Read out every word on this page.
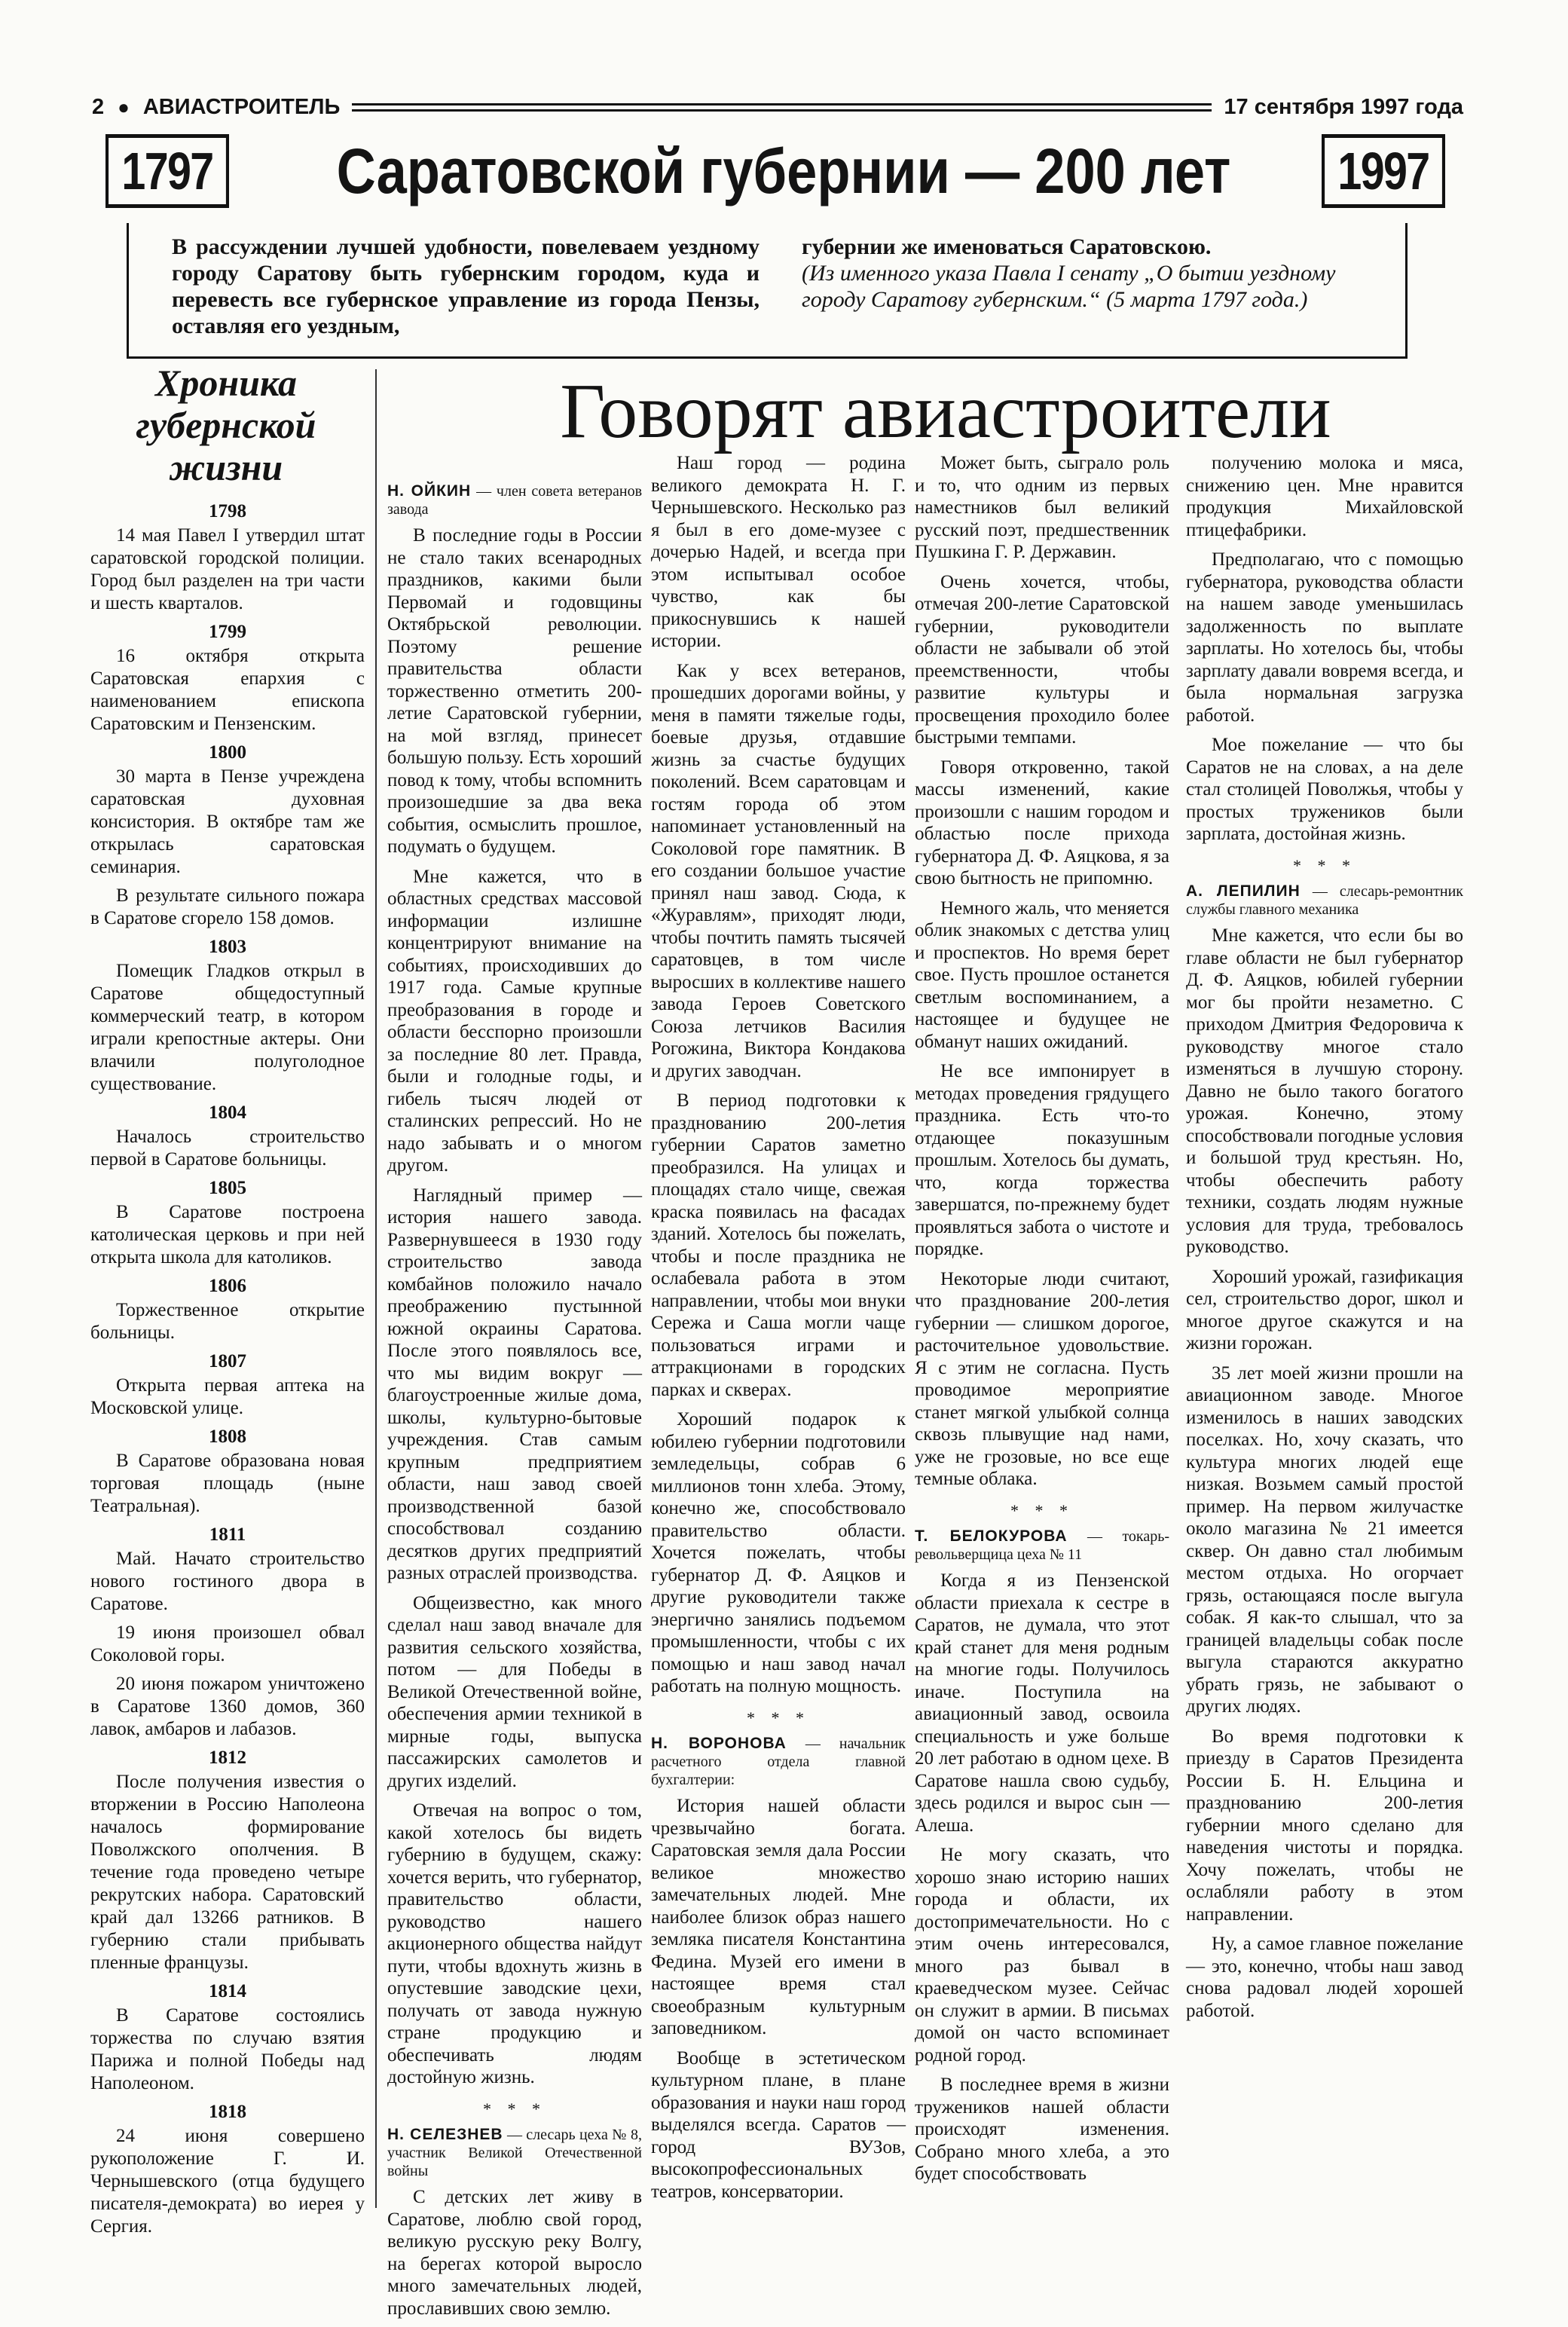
2 ● АВИАСТРОИТЕЛЬ	17 сентября 1997 года
1797 Саратовской губернии — 200 лет 1997
В рассуждении лучшей удобности, повелеваем уездному городу Саратову быть губернским городом, куда и перевесть все губернское управление из города Пензы, оставляя его уездным,
губернии же именоваться Саратовскою.
(Из именного указа Павла I сенату „О бытии уездному городу Саратову губернским.“ (5 марта 1797 года.)
Хроника губернской жизни
1798

14 мая Павел I утвердил штат саратовской городской полиции. Город был разделен на три части и шесть кварталов.

1799

16 октября открыта Саратовская епархия с наименованием епископа Саратовским и Пензенским.

1800

30 марта в Пензе учреждена саратовская духовная консистория. В октябре там же открылась саратовская семинария.

В результате сильного пожара в Саратове сгорело 158 домов.

1803

Помещик Гладков открыл в Саратове общедоступный коммерческий театр, в котором играли крепостные актеры. Они влачили полуголодное существование.

1804

Началось строительство первой в Саратове больницы.

1805

В Саратове построена католическая церковь и при ней открыта школа для католиков.

1806

Торжественное открытие больницы.

1807

Открыта первая аптека на Московской улице.

1808

В Саратове образована новая торговая площадь (ныне Театральная).

1811

Май. Начато строительство нового гостиного двора в Саратове.

19 июня произошел обвал Соколовой горы.

20 июня пожаром уничтожено в Саратове 1360 домов, 360 лавок, амбаров и лабазов.

1812

После получения известия о вторжении в Россию Наполеона началось формирование Поволжского ополчения. В течение года проведено четыре рекрутских набора. Саратовский край дал 13266 ратников. В губернию стали прибывать пленные французы.

1814

В Саратове состоялись торжества по случаю взятия Парижа и полной Победы над Наполеоном.

1818

24 июня совершено рукоположение Г. И. Чернышевского (отца будущего писателя-демократа) во иерея у Сергия.

Говорят авиастроители

Н. ОЙКИН — член совета ветеранов завода

В последние годы в России не стало таких всенародных праздников, какими были Первомай и годовщины Октябрьской революции. Поэтому решение правительства области торжественно отметить 200-летие Саратовской губернии, на мой взгляд, принесет большую пользу. Есть хороший повод к тому, чтобы вспомнить произошедшие за два века события, осмыслить прошлое, подумать о будущем.

Мне кажется, что в областных средствах массовой информации излишне концентрируют внимание на событиях, происходивших до 1917 года. Самые крупные преобразования в городе и области бесспорно произошли за последние 80 лет. Правда, были и голодные годы, и гибель тысяч людей от сталинских репрессий. Но не надо забывать и о многом другом.

Наглядный пример — история нашего завода. Развернувшееся в 1930 году строительство завода комбайнов положило начало преображению пустынной южной окраины Саратова. После этого появлялось все, что мы видим вокруг — благоустроенные жилые дома, школы, культурно-бытовые учреждения. Став самым крупным предприятием области, наш завод своей производственной базой способствовал созданию десятков других предприятий разных отраслей производства.

Общеизвестно, как много сделал наш завод вначале для развития сельского хозяйства, потом — для Победы в Великой Отечественной войне, обеспечения армии техникой в мирные годы, выпуска пассажирских самолетов и других изделий.

Отвечая на вопрос о том, какой хотелось бы видеть губернию в будущем, скажу: хочется верить, что губернатор, правительство области, руководство нашего акционерного общества найдут пути, чтобы вдохнуть жизнь в опустевшие заводские цехи, получать от завода нужную стране продукцию и обеспечивать людям достойную жизнь.

* * *

Н. СЕЛЕЗНЕВ — слесарь цеха № 8, участник Великой Отечественной войны

С детских лет живу в Саратове, люблю свой город, великую русскую реку Волгу, на берегах которой выросло много замечательных людей, прославивших свою землю.

Наш город — родина великого демократа Н. Г. Чернышевского. Несколько раз я был в его доме-музее с дочерью Надей, и всегда при этом испытывал особое чувство, как бы прикоснувшись к нашей истории.

Как у всех ветеранов, прошедших дорогами войны, у меня в памяти тяжелые годы, боевые друзья, отдавшие жизнь за счастье будущих поколений. Всем саратовцам и гостям города об этом напоминает установленный на Соколовой горе памятник. В его создании большое участие принял наш завод. Сюда, к «Журавлям», приходят люди, чтобы почтить память тысячей саратовцев, в том числе выросших в коллективе нашего завода Героев Советского Союза летчиков Василия Рогожина, Виктора Кондакова и других заводчан.

В период подготовки к празднованию 200-летия губернии Саратов заметно преобразился. На улицах и площадях стало чище, свежая краска появилась на фасадах зданий. Хотелось бы пожелать, чтобы и после праздника не ослабевала работа в этом направлении, чтобы мои внуки Сережа и Саша могли чаще пользоваться играми и аттракционами в городских парках и скверах.

Хороший подарок к юбилею губернии подготовили земледельцы, собрав 6 миллионов тонн хлеба. Этому, конечно же, способствовало правительство области. Хочется пожелать, чтобы губернатор Д. Ф. Аяцков и другие руководители также энергично занялись подъемом промышленности, чтобы с их помощью и наш завод начал работать на полную мощность.

* * *

Н. ВОРОНОВА — начальник расчетного отдела главной бухгалтерии:

История нашей области чрезвычайно богата. Саратовская земля дала России великое множество замечательных людей. Мне наиболее близок образ нашего земляка писателя Константина Федина. Музей его имени в настоящее время стал своеобразным культурным заповедником.

Вообще в эстетическом культурном плане, в плане образования и науки наш город выделялся всегда. Саратов — город ВУЗов, высокопрофессиональных театров, консерватории.

Может быть, сыграло роль и то, что одним из первых наместников был великий русский поэт, предшественник Пушкина Г. Р. Державин.

Очень хочется, чтобы, отмечая 200-летие Саратовской губернии, руководители области не забывали об этой преемственности, чтобы развитие культуры и просвещения проходило более быстрыми темпами.

Говоря откровенно, такой массы изменений, какие произошли с нашим городом и областью после прихода губернатора Д. Ф. Аяцкова, я за свою бытность не припомню.

Немного жаль, что меняется облик знакомых с детства улиц и проспектов. Но время берет свое. Пусть прошлое останется светлым воспоминанием, а настоящее и будущее не обманут наших ожиданий.

Не все импонирует в методах проведения грядущего праздника. Есть что-то отдающее показушным прошлым. Хотелось бы думать, что, когда торжества завершатся, по-прежнему будет проявляться забота о чистоте и порядке.

Некоторые люди считают, что празднование 200-летия губернии — слишком дорогое, расточительное удовольствие. Я с этим не согласна. Пусть проводимое мероприятие станет мягкой улыбкой солнца сквозь плывущие над нами, уже не грозовые, но все еще темные облака.

* * *

Т. БЕЛОКУРОВА — токарь-револьверщица цеха № 11

Когда я из Пензенской области приехала к сестре в Саратов, не думала, что этот край станет для меня родным на многие годы. Получилось иначе. Поступила на авиационный завод, освоила специальность и уже больше 20 лет работаю в одном цехе. В Саратове нашла свою судьбу, здесь родился и вырос сын — Алеша.

Не могу сказать, что хорошо знаю историю наших города и области, их достопримечательности. Но с этим очень интересовался, много раз бывал в краеведческом музее. Сейчас он служит в армии. В письмах домой он часто вспоминает родной город.

В последнее время в жизни тружеников нашей области происходят изменения. Собрано много хлеба, а это будет способствовать

получению молока и мяса, снижению цен. Мне нравится продукция Михайловской птицефабрики.

Предполагаю, что с помощью губернатора, руководства области на нашем заводе уменьшилась задолженность по выплате зарплаты. Но хотелось бы, чтобы зарплату давали вовремя всегда, и была нормальная загрузка работой.

Мое пожелание — что бы Саратов не на словах, а на деле стал столицей Поволжья, чтобы у простых тружеников были зарплата, достойная жизнь.

* * *

А. ЛЕПИЛИН — слесарь-ремонтник службы главного механика

Мне кажется, что если бы во главе области не был губернатор Д. Ф. Аяцков, юбилей губернии мог бы пройти незаметно. С приходом Дмитрия Федоровича к руководству многое стало изменяться в лучшую сторону. Давно не было такого богатого урожая. Конечно, этому способствовали погодные условия и большой труд крестьян. Но, чтобы обеспечить работу техники, создать людям нужные условия для труда, требовалось руководство.

Хороший урожай, газификация сел, строительство дорог, школ и многое другое скажутся и на жизни горожан.

35 лет моей жизни прошли на авиационном заводе. Многое изменилось в наших заводских поселках. Но, хочу сказать, что культура многих людей еще низкая. Возьмем самый простой пример. На первом жилучастке около магазина № 21 имеется сквер. Он давно стал любимым местом отдыха. Но огорчает грязь, остающаяся после выгула собак. Я как-то слышал, что за границей владельцы собак после выгула стараются аккуратно убрать грязь, не забывают о других людях.

Во время подготовки к приезду в Саратов Президента России Б. Н. Ельцина и празднованию 200-летия губернии много сделано для наведения чистоты и порядка. Хочу пожелать, чтобы не ослабляли работу в этом направлении.

Ну, а самое главное пожелание — это, конечно, чтобы наш завод снова радовал людей хорошей работой.
